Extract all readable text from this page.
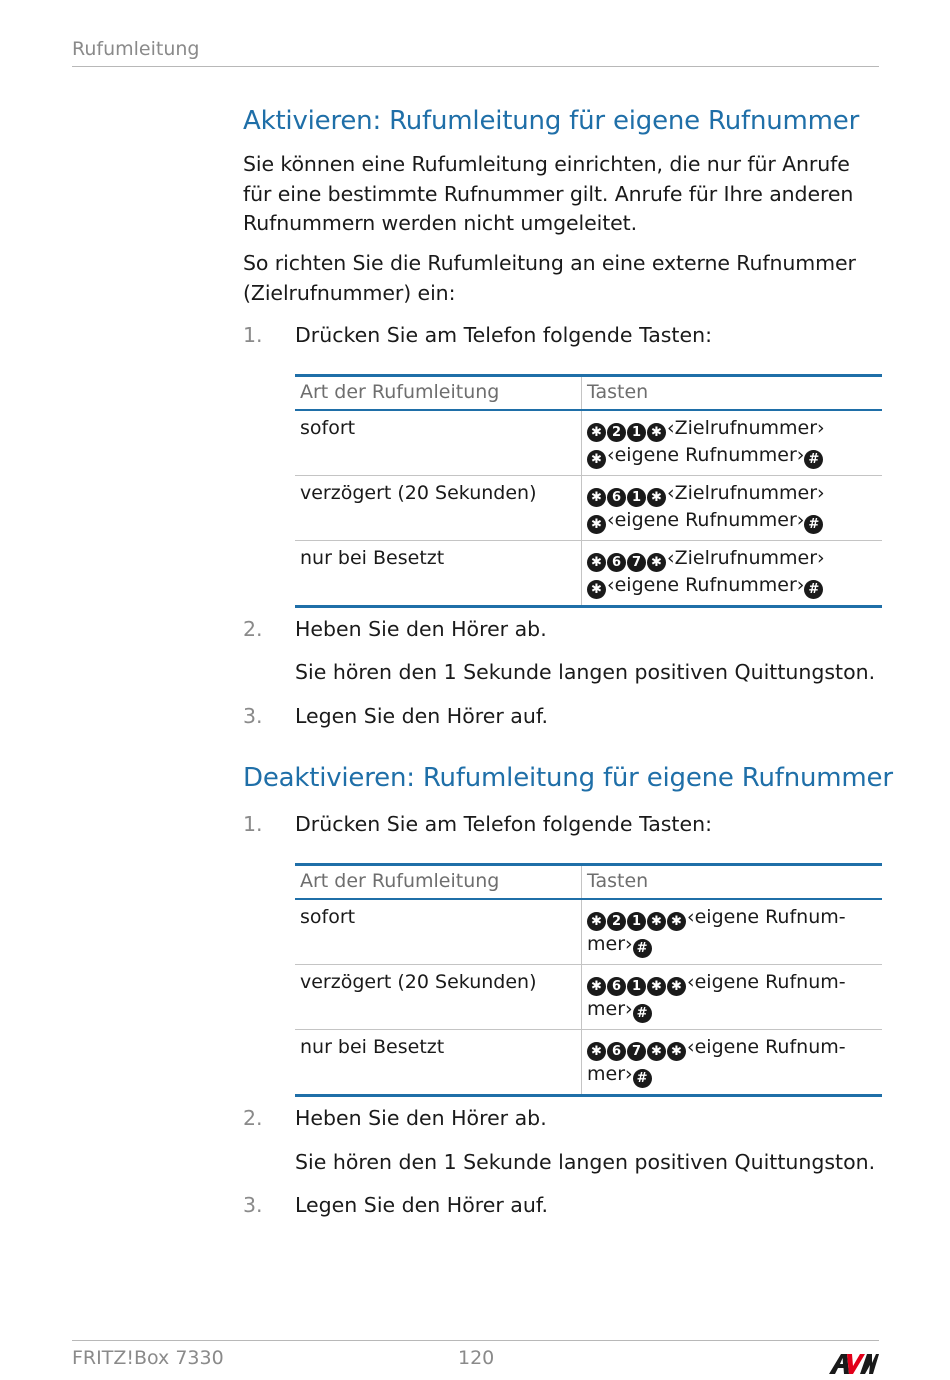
Rufumleitung
Aktivieren: Rufumleitung für eigene Rufnummer

Sie können eine Rufumleitung einrichten, die nur für Anrufe für eine bestimmte Rufnummer gilt. Anrufe für Ihre anderen Rufnummern werden nicht umgeleitet.

So richten Sie die Rufumleitung an eine externe Rufnummer (Zielrufnummer) ein:

1. Drücken Sie am Telefon folgende Tasten:
Art der Rufumleitung	Tasten
sofort	✱ 2 1 ✱ ‹Zielrufnummer›
✱ ‹eigene Rufnummer› #

verzögert (20 Sekunden)	✱ 6 1 ✱ ‹Zielrufnummer›
✱ ‹eigene Rufnummer› #

nur bei Besetzt	✱ 6 7 ✱ ‹Zielrufnummer›
✱ ‹eigene Rufnummer› #
2. Heben Sie den Hörer ab.
Sie hören den 1 Sekunde langen positiven Quittungston.
3. Legen Sie den Hörer auf.
Deaktivieren: Rufumleitung für eigene Rufnummer
1. Drücken Sie am Telefon folgende Tasten:
Art der Rufumleitung	Tasten
sofort	✱ 2 1 ✱ ✱ ‹eigene Rufnum-
mer› #

verzögert (20 Sekunden)	✱ 6 1 ✱ ✱ ‹eigene Rufnum-
mer› #

nur bei Besetzt	✱ 6 7 ✱ ✱ ‹eigene Rufnum-
mer› #
2. Heben Sie den Hörer ab.
Sie hören den 1 Sekunde langen positiven Quittungston.
3. Legen Sie den Hörer auf.
FRITZ!Box 7330	120
